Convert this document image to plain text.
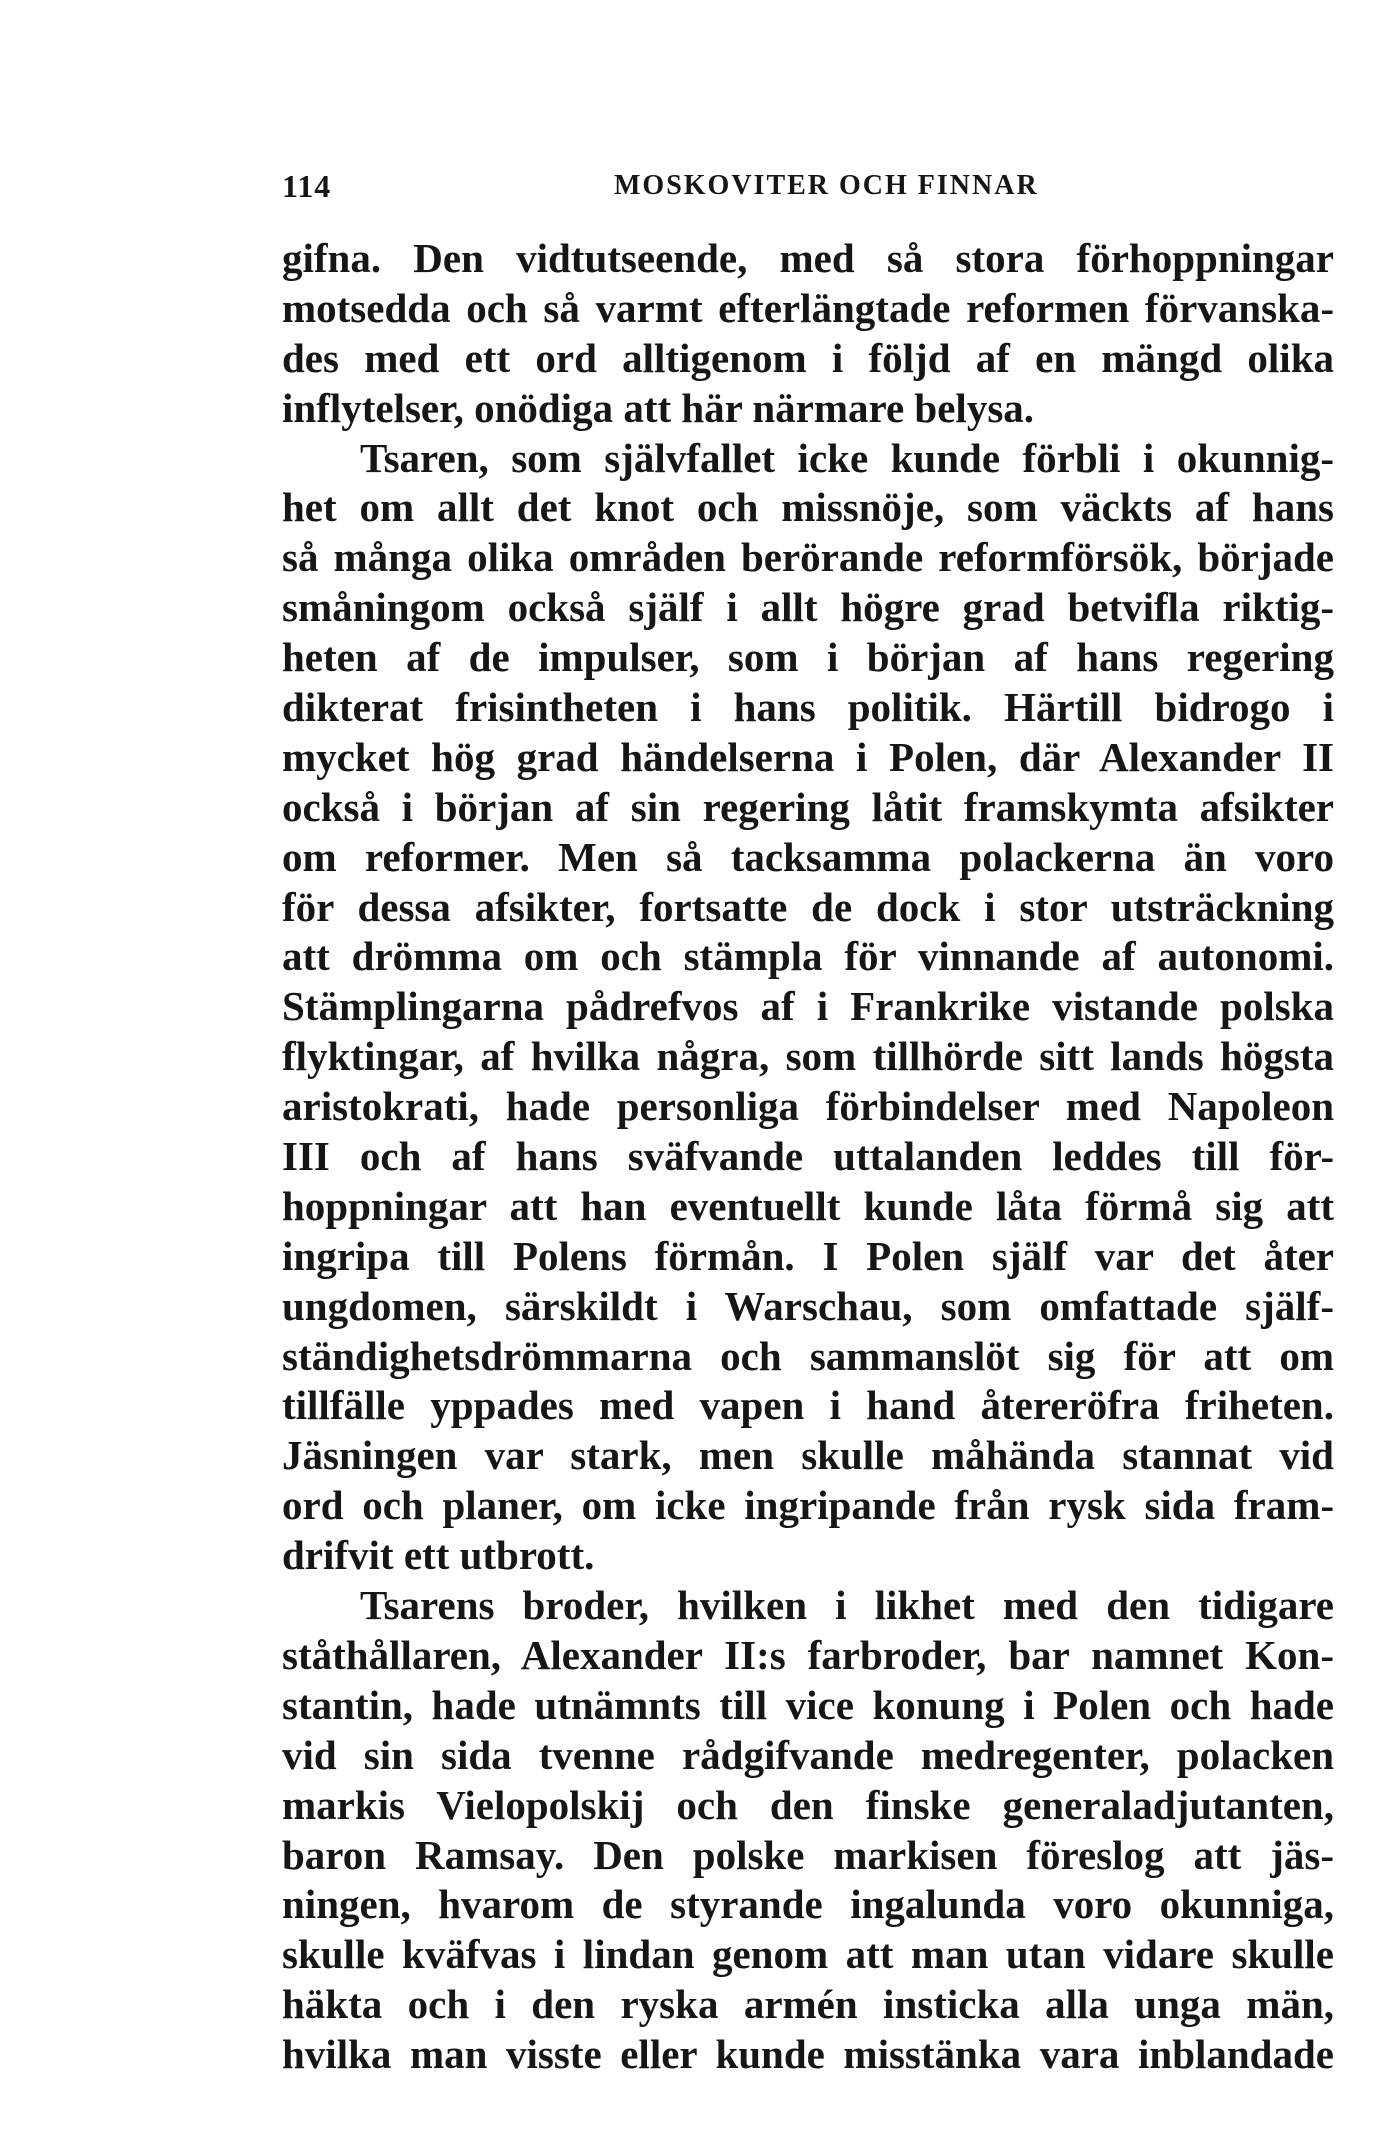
114	MOSKOVITER OCH FINNAR
gifna. Den vidtutseende, med så stora förhoppningar
motsedda och så varmt efterlängtade reformen förvanska-
des med ett ord alltigenom i följd af en mängd olika
inflytelser, onödiga att här närmare belysa.
Tsaren, som självfallet icke kunde förbli i okunnig-
het om allt det knot och missnöje, som väckts af hans
så många olika områden berörande reformförsök, började
småningom också själf i allt högre grad betvifla riktig-
heten af de impulser, som i början af hans regering
dikterat frisintheten i hans politik. Härtill bidrogo i
mycket hög grad händelserna i Polen, där Alexander II
också i början af sin regering låtit framskymta afsikter
om reformer. Men så tacksamma polackerna än voro
för dessa afsikter, fortsatte de dock i stor utsträckning
att drömma om och stämpla för vinnande af autonomi.
Stämplingarna pådrefvos af i Frankrike vistande polska
flyktingar, af hvilka några, som tillhörde sitt lands högsta
aristokrati, hade personliga förbindelser med Napoleon
III och af hans sväfvande uttalanden leddes till för-
hoppningar att han eventuellt kunde låta förmå sig att
ingripa till Polens förmån. I Polen själf var det åter
ungdomen, särskildt i Warschau, som omfattade själf-
ständighetsdrömmarna och sammanslöt sig för att om
tillfälle yppades med vapen i hand återeröfra friheten.
Jäsningen var stark, men skulle måhända stannat vid
ord och planer, om icke ingripande från rysk sida fram-
drifvit ett utbrott.
Tsarens broder, hvilken i likhet med den tidigare
ståthållaren, Alexander II:s farbroder, bar namnet Kon-
stantin, hade utnämnts till vice konung i Polen och hade
vid sin sida tvenne rådgifvande medregenter, polacken
markis Vielopolskij och den finske generaladjutanten,
baron Ramsay. Den polske markisen föreslog att jäs-
ningen, hvarom de styrande ingalunda voro okunniga,
skulle kväfvas i lindan genom att man utan vidare skulle
häkta och i den ryska armén insticka alla unga män,
hvilka man visste eller kunde misstänka vara inblandade
